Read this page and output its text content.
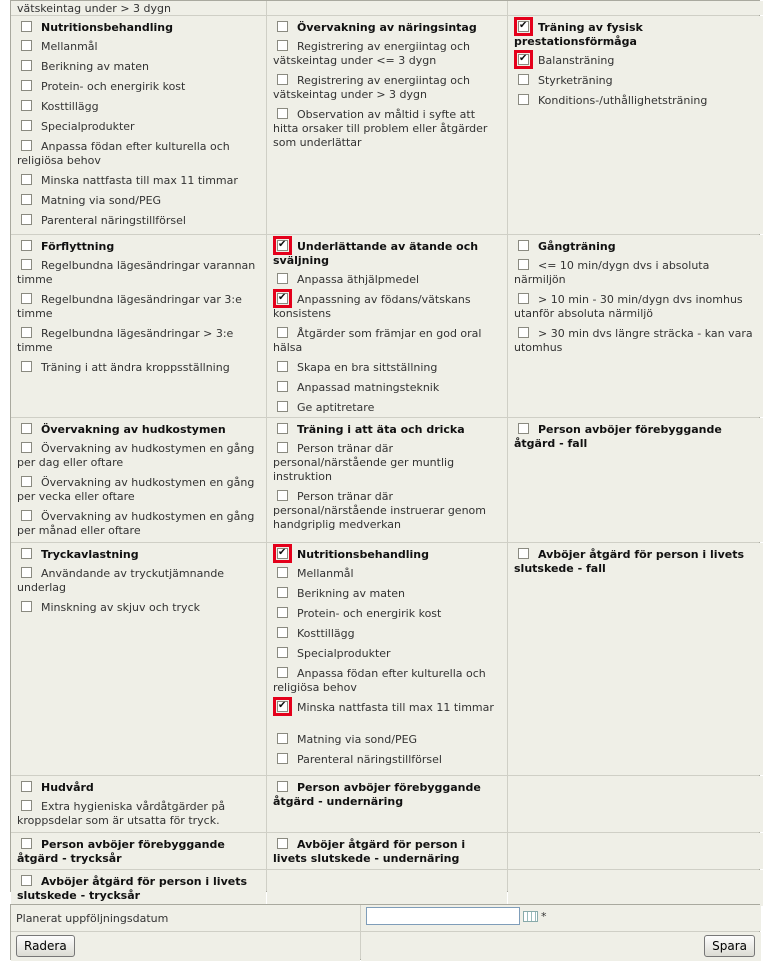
vätskeintag under > 3 dygn
Nutritionsbehandling
Mellanmål
Berikning av maten
Protein- och energirik kost
Kosttillägg
Specialprodukter
Anpassa födan efter kulturella och religiösa behov
Minska nattfasta till max 11 timmar
Matning via sond/PEG
Parenteral näringstillförsel
Övervakning av näringsintag
Registrering av energiintag och vätskeintag under <= 3 dygn
Registrering av energiintag och vätskeintag under > 3 dygn
Observation av måltid i syfte att hitta orsaker till problem eller åtgärder som underlättar
✔
Träning av fysisk prestationsförmåga
✔
Balansträning
Styrketräning
Konditions-/uthållighetsträning
Förflyttning
Regelbundna lägesändringar varannan timme
Regelbundna lägesändringar var 3:e timme
Regelbundna lägesändringar > 3:e timme
Träning i att ändra kroppsställning
✔
Underlättande av ätande och sväljning
Anpassa äthjälpmedel
✔
Anpassning av födans/vätskans konsistens
Åtgärder som främjar en god oral hälsa
Skapa en bra sittställning
Anpassad matningsteknik
Ge aptitretare
Gångträning
<= 10 min/dygn dvs i absoluta närmiljön
> 10 min - 30 min/dygn dvs inomhus utanför absoluta närmiljö
> 30 min dvs längre sträcka - kan vara utomhus
Övervakning av hudkostymen
Övervakning av hudkostymen en gång per dag eller oftare
Övervakning av hudkostymen en gång per vecka eller oftare
Övervakning av hudkostymen en gång per månad eller oftare
Träning i att äta och dricka
Person tränar där personal/närstående ger muntlig instruktion
Person tränar där personal/närstående instruerar genom handgriplig medverkan
Person avböjer förebyggande åtgärd - fall
Tryckavlastning
Användande av tryckutjämnande underlag
Minskning av skjuv och tryck
✔
Nutritionsbehandling
Mellanmål
Berikning av maten
Protein- och energirik kost
Kosttillägg
Specialprodukter
Anpassa födan efter kulturella och religiösa behov
✔
Minska nattfasta till max 11 timmar
Matning via sond/PEG
Parenteral näringstillförsel
Avböjer åtgärd för person i livets slutskede - fall
Hudvård
Extra hygieniska vårdåtgärder på kroppsdelar som är utsatta för tryck.
Person avböjer förebyggande åtgärd - undernäring
Person avböjer förebyggande åtgärd - trycksår
Avböjer åtgärd för person i livets slutskede - undernäring
Avböjer åtgärd för person i livets slutskede - trycksår
Planerat uppföljningsdatum	*
Radera	Spara
